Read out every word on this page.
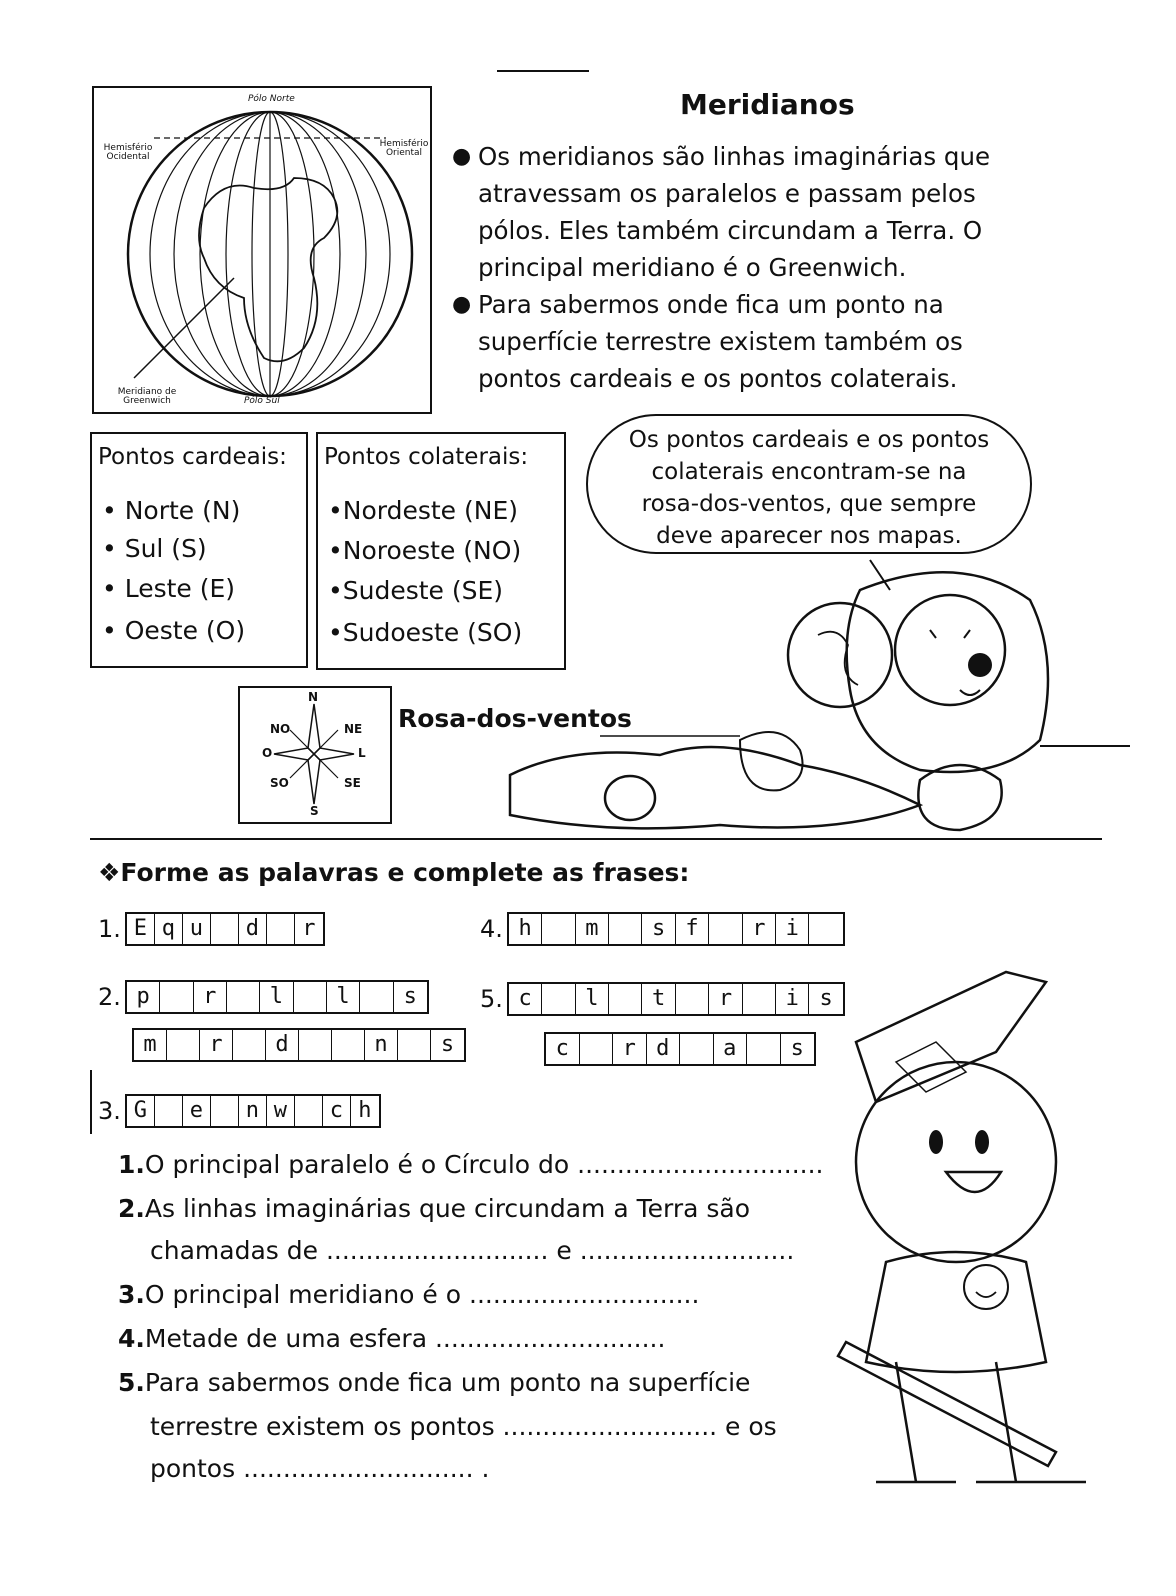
Pólo Norte
Hemisfério Ocidental
Hemisfério Oriental
Meridiano de Greenwich	Pólo Sul
Meridianos
● Os meridianos são linhas imaginárias que
atravessam os paralelos e passam pelos
pólos. Eles também circundam a Terra. O
principal meridiano é o Greenwich.
● Para sabermos onde fica um ponto na
superfície terrestre existem também os
pontos cardeais e os pontos colaterais.
Pontos cardeais:
• Norte (N)
• Sul (S)
• Leste (E)
• Oeste (O)
Pontos colaterais:
•Nordeste (NE)
•Noroeste (NO)
•Sudeste (SE)
•Sudoeste (SO)
Os pontos cardeais e os pontos
colaterais encontram-se na
rosa-dos-ventos, que sempre
deve aparecer nos mapas.
N
S
O	L
NO	NE
SO	SE
Rosa-dos-ventos
❖Forme as palavras e complete as frases:
1. E q u	d	r
2. p	r	l	l	s
m	r	d	n	s
3. G	e	n w	c h
4. h	m	s f	r i
5. c	l	t	r	i s
c	r d	a	s
1.O principal paralelo é o Círculo do ...............................
2.As linhas imaginárias que circundam a Terra são
chamadas de ............................ e ...........................
3.O principal meridiano é o .............................
4.Metade de uma esfera .............................
5.Para sabermos onde fica um ponto na superfície
terrestre existem os pontos ........................... e os
pontos ............................. .
